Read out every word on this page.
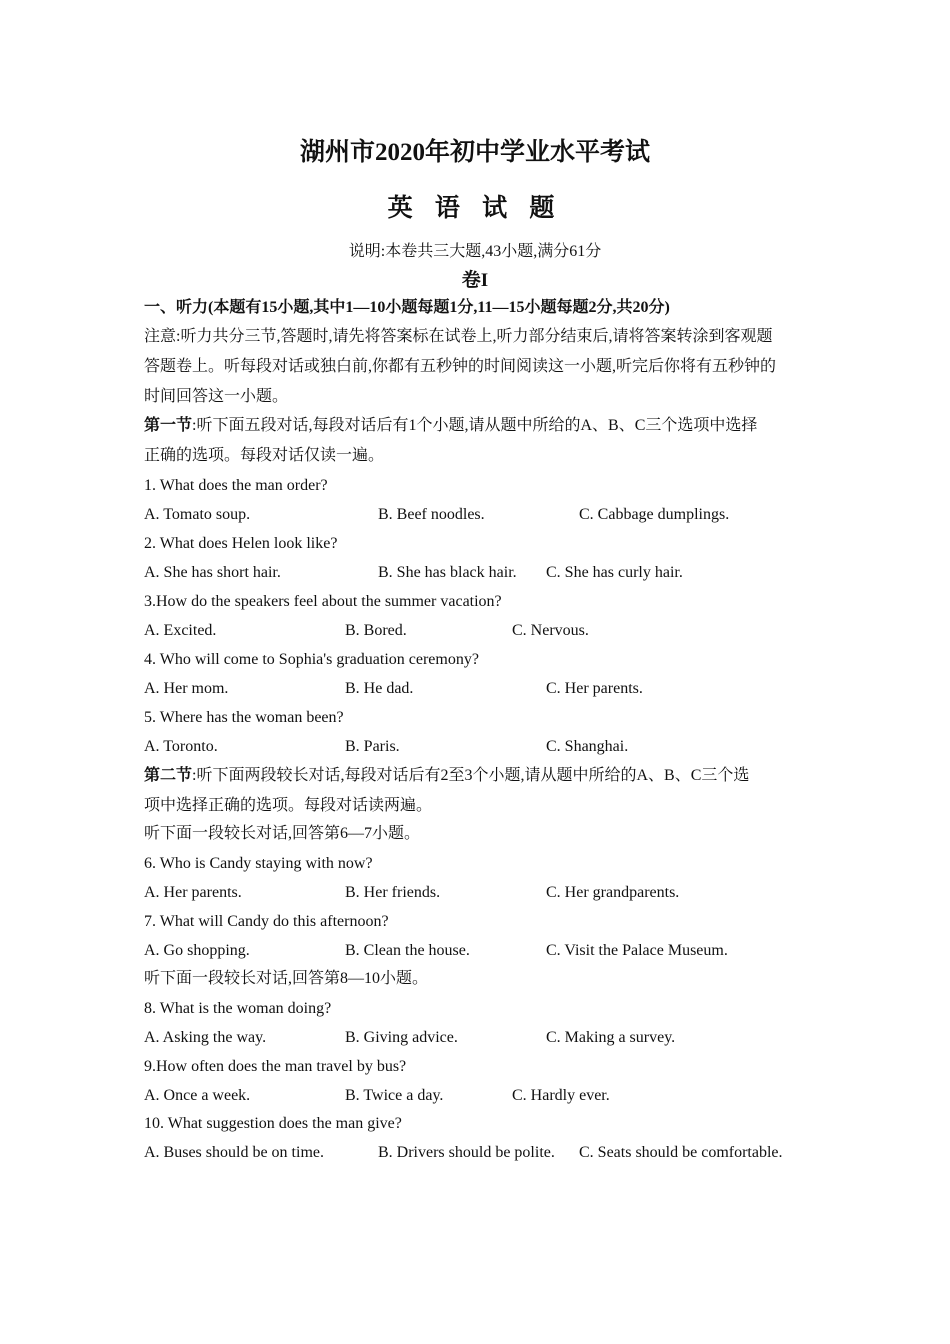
湖州市2020年初中学业水平考试
英 语 试 题
说明:本卷共三大题,43小题,满分61分
卷I
一、听力(本题有15小题,其中1—10小题每题1分,11—15小题每题2分,共20分)
注意:听力共分三节,答题时,请先将答案标在试卷上,听力部分结束后,请将答案转涂到客观题
答题卷上。听每段对话或独白前,你都有五秒钟的时间阅读这一小题,听完后你将有五秒钟的
时间回答这一小题。
第一节:听下面五段对话,每段对话后有1个小题,请从题中所给的A、B、C三个选项中选择
正确的选项。每段对话仅读一遍。
1. What does the man order?
A. Tomato soup.	B. Beef noodles.	C. Cabbage dumplings.
2. What does Helen look like?
A. She has short hair.	B. She has black hair. C. She has curly hair.
3.How do the speakers feel about the summer vacation?
A. Excited.	B. Bored.	C. Nervous.
4. Who will come to Sophia's graduation ceremony?
A. Her mom.	B. He dad.	C. Her parents.
5. Where has the woman been?
A. Toronto.	B. Paris.	C. Shanghai.
第二节:听下面两段较长对话,每段对话后有2至3个小题,请从题中所给的A、B、C三个选
项中选择正确的选项。每段对话读两遍。
听下面一段较长对话,回答第6—7小题。
6. Who is Candy staying with now?
A. Her parents.	B. Her friends.	C. Her grandparents.
7. What will Candy do this afternoon?
A. Go shopping.	B. Clean the house.	C. Visit the Palace Museum.
听下面一段较长对话,回答第8—10小题。
8. What is the woman doing?
A. Asking the way.	B. Giving advice.	C. Making a survey.
9.How often does the man travel by bus?
A. Once a week.	B. Twice a day.	C. Hardly ever.
10. What suggestion does the man give?
A. Buses should be on time.	B. Drivers should be polite. C. Seats should be comfortable.
